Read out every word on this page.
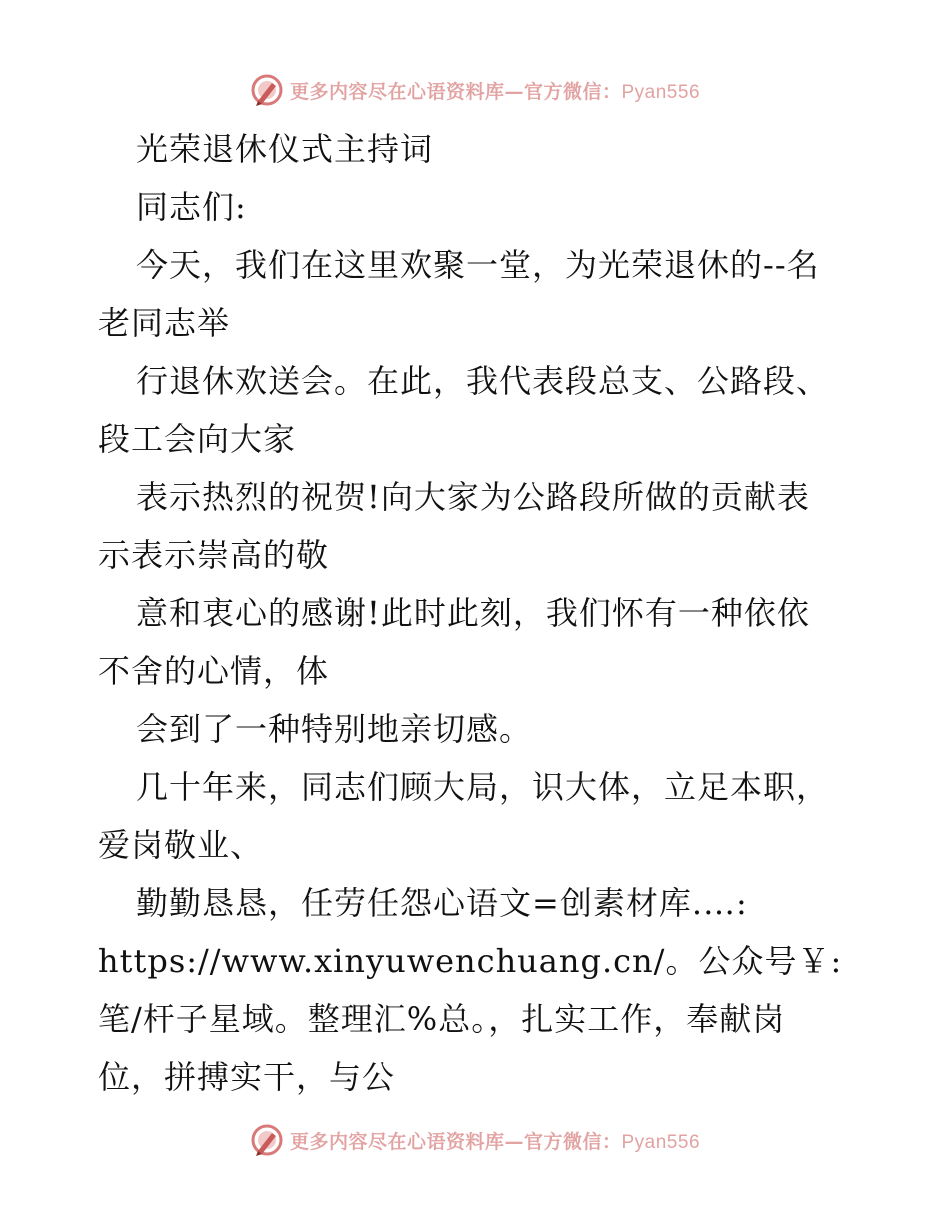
更多内容尽在心语资料库—官方微信：Pyan556
光荣退休仪式主持词
同志们:
今天，我们在这里欢聚一堂，为光荣退休的--名
老同志举
行退休欢送会。在此，我代表段总支、公路段、
段工会向大家
表示热烈的祝贺!向大家为公路段所做的贡献表
示表示崇高的敬
意和衷心的感谢!此时此刻，我们怀有一种依依
不舍的心情，体
会到了一种特别地亲切感。
几十年来，同志们顾大局，识大体，立足本职，
爱岗敬业、
勤勤恳恳，任劳任怨心语文=创素材库.…:
https://www.xinyuwenchuang.cn/。公众号￥:
笔/杆子星域。整理汇%总。，扎实工作，奉献岗
位，拼搏实干，与公
更多内容尽在心语资料库—官方微信：Pyan556
